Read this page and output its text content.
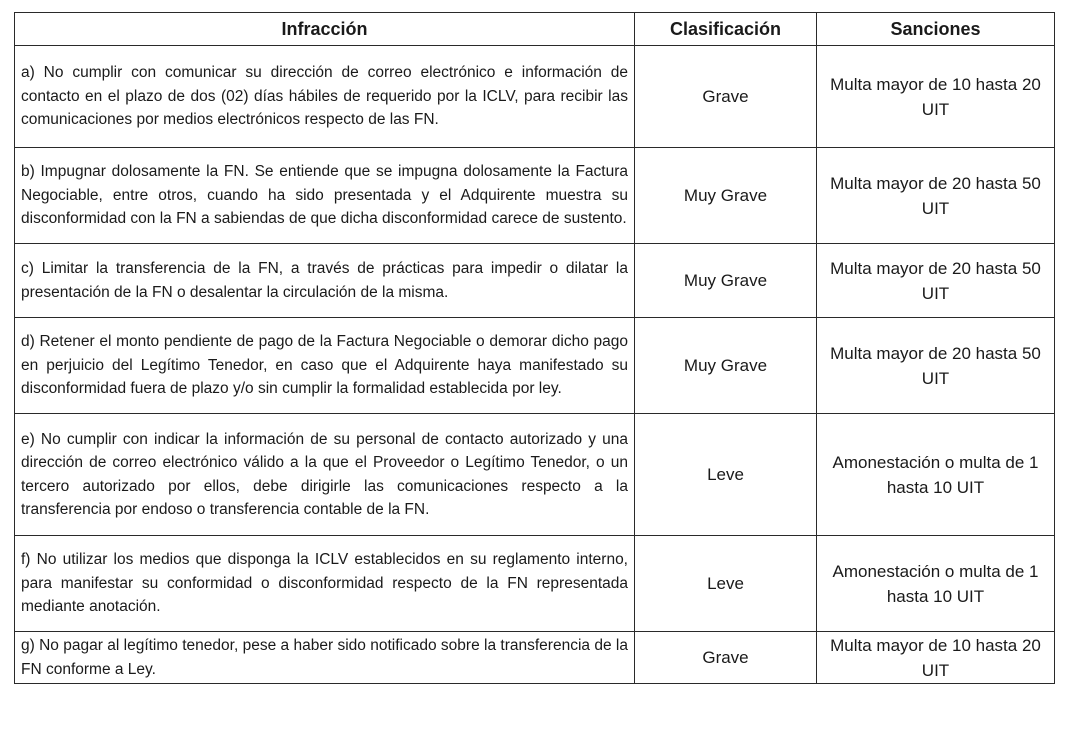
Infracción	Clasificación	Sanciones
a) No cumplir con comunicar su dirección de correo electrónico e información de contacto en el plazo de dos (02) días hábiles de requerido por la ICLV, para recibir las comunicaciones por medios electrónicos respecto de las FN.	Grave	Multa mayor de 10 hasta 20 UIT
b) Impugnar dolosamente la FN. Se entiende que se impugna dolosamente la Factura Negociable, entre otros, cuando ha sido presentada y el Adquirente muestra su disconformidad con la FN a sabiendas de que dicha disconformidad carece de sustento.	Muy Grave	Multa mayor de 20 hasta 50 UIT
c) Limitar la transferencia de la FN, a través de prácticas para impedir o dilatar la presentación de la FN o desalentar la circulación de la misma.	Muy Grave	Multa mayor de 20 hasta 50 UIT
d) Retener el monto pendiente de pago de la Factura Negociable o demorar dicho pago en perjuicio del Legítimo Tenedor, en caso que el Adquirente haya manifestado su disconformidad fuera de plazo y/o sin cumplir la formalidad establecida por ley.	Muy Grave	Multa mayor de 20 hasta 50 UIT
e) No cumplir con indicar la información de su personal de contacto autorizado y una dirección de correo electrónico válido a la que el Proveedor o Legítimo Tenedor, o un tercero autorizado por ellos, debe dirigirle las comunicaciones respecto a la transferencia por endoso o transferencia contable de la FN.	Leve	Amonestación o multa de 1 hasta 10 UIT
f) No utilizar los medios que disponga la ICLV establecidos en su reglamento interno, para manifestar su conformidad o disconformidad respecto de la FN representada mediante anotación.	Leve	Amonestación o multa de 1 hasta 10 UIT
g) No pagar al legítimo tenedor, pese a haber sido notificado sobre la transferencia de la FN conforme a Ley.	Grave	Multa mayor de 10 hasta 20 UIT
